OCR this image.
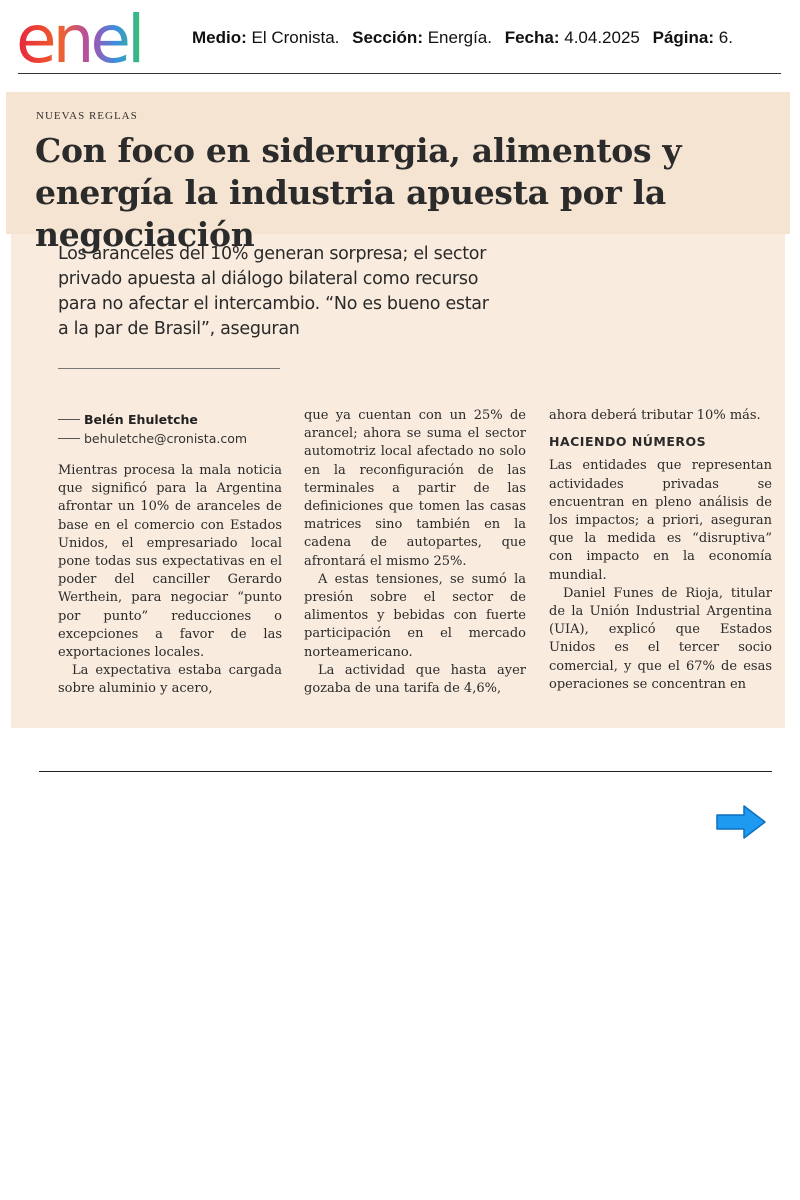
enel	Medio: El Cronista. Sección: Energía. Fecha: 4.04.2025 Página: 6.
NUEVAS REGLAS
Con foco en siderurgia, alimentos y energía la industria apuesta por la negociación

Los aranceles del 10% generan sorpresa; el sector privado apuesta al diálogo bilateral como recurso para no afectar el intercambio. “No es bueno estar a la par de Brasil”, aseguran

Belén Ehuletche
behuletche@cronista.com

Mientras procesa la mala noticia que significó para la Argentina afrontar un 10% de aranceles de base en el comercio con Estados Unidos, el empresariado local pone todas sus expectativas en el poder del canciller Gerardo Werthein, para negociar “punto por punto” reducciones o excepciones a favor de las exportaciones locales.

La expectativa estaba cargada sobre aluminio y acero,

que ya cuentan con un 25% de arancel; ahora se suma el sector automotriz local afectado no solo en la reconfiguración de las terminales a partir de las definiciones que tomen las casas matrices sino también en la cadena de autopartes, que afrontará el mismo 25%.

A estas tensiones, se sumó la presión sobre el sector de alimentos y bebidas con fuerte participación en el mercado norteamericano.

La actividad que hasta ayer gozaba de una tarifa de 4,6%,

ahora deberá tributar 10% más.

HACIENDO NÚMEROS

Las entidades que representan actividades privadas se encuentran en pleno análisis de los impactos; a priori, aseguran que la medida es “disruptiva” con impacto en la economía mundial.

Daniel Funes de Rioja, titular de la Unión Industrial Argentina (UIA), explicó que Estados Unidos es el tercer socio comercial, y que el 67% de esas operaciones se concentran en
